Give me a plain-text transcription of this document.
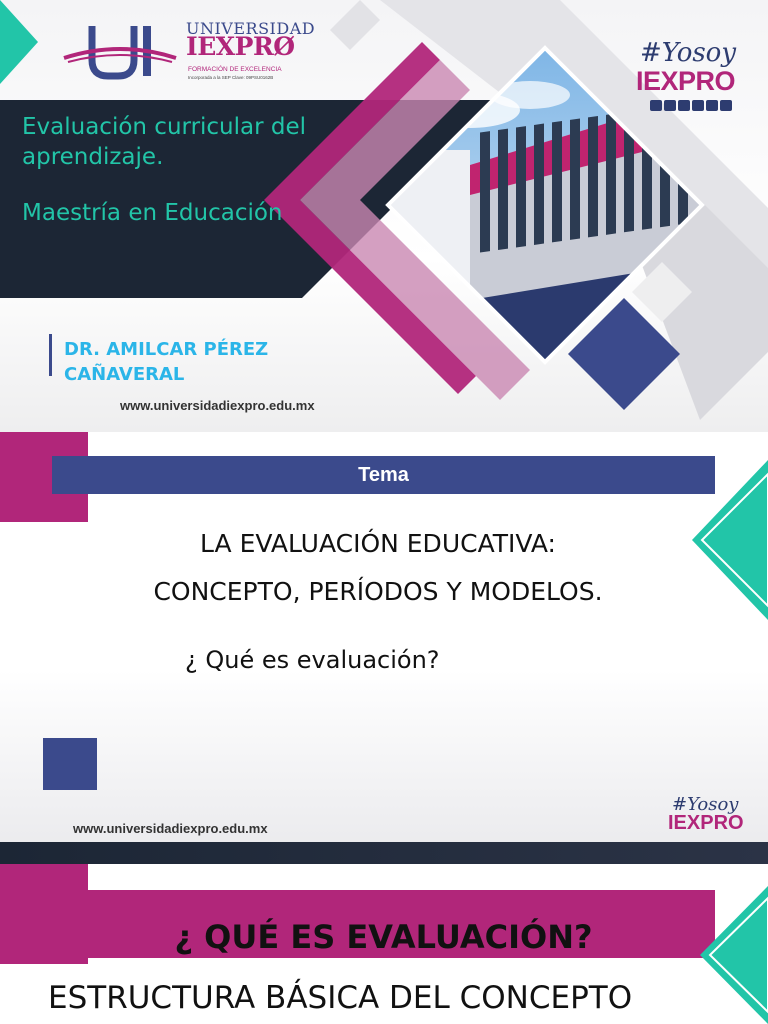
UNIVERSIDAD
IEXPRØ
FORMACIÓN DE EXCELENCIA
Incorporada a la SEP Clave: 09PSU0162B
#Yosoy
IEXPRO
Evaluación curricular del aprendizaje.
Maestría en Educación
DR. AMILCAR PÉREZ CAÑAVERAL
www.universidadiexpro.edu.mx
Tema
LA EVALUACIÓN EDUCATIVA:
CONCEPTO, PERÍODOS Y MODELOS.
¿ Qué es evaluación?
www.universidadiexpro.edu.mx
#Yosoy
IEXPRO
¿ QUÉ ES EVALUACIÓN?
ESTRUCTURA BÁSICA DEL CONCEPTO
